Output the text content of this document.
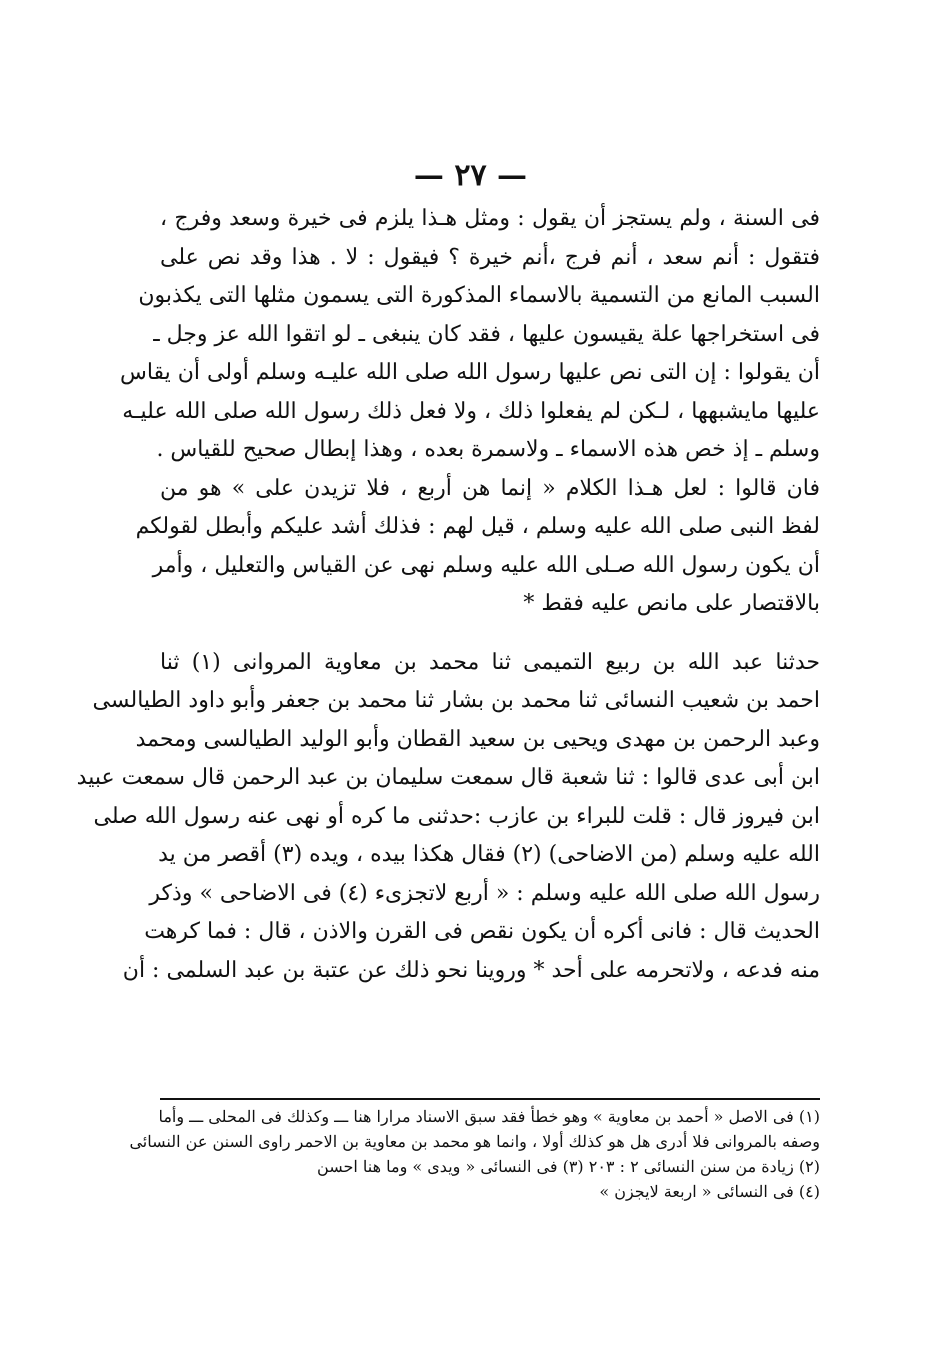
— ٢٧ —
فى السنة ، ولم يستجز أن يقول : ومثل هـذا يلزم فى خيرة وسعد وفرج ،
فتقول : أنم سعد ، أنم فرج ،أنم خيرة ؟ فيقول : لا . هذا وقد نص على
السبب المانع من التسمية بالاسماء المذكورة التى يسمون مثلها التى يكذبون
فى استخراجها علة يقيسون عليها ، فقد كان ينبغى ـ لو اتقوا الله عز وجل ـ
أن يقولوا : إن التى نص عليها رسول الله صلى الله عليـه وسلم أولى أن يقاس
عليها مايشبهها ، لـكن لم يفعلوا ذلك ، ولا فعل ذلك رسول الله صلى الله عليـه
وسلم ـ إذ خص هذه الاسماء ـ ولاسمرة بعده ، وهذا إبطال صحيح للقياس .
فان قالوا : لعل هـذا الكلام « إنما هن أربع ، فلا تزيدن على » هو من
لفظ النبى صلى الله عليه وسلم ، قيل لهم : فذلك أشد عليكم وأبطل لقولكم
أن يكون رسول الله صـلى الله عليه وسلم نهى عن القياس والتعليل ، وأمر
بالاقتصار على مانص عليه فقط *
حدثنا عبد الله بن ربيع التميمى ثنا محمد بن معاوية المروانى (١) ثنا
احمد بن شعيب النسائى ثنا محمد بن بشار ثنا محمد بن جعفر وأبو داود الطيالسى
وعبد الرحمن بن مهدى ويحيى بن سعيد القطان وأبو الوليد الطيالسى ومحمد
ابن أبى عدى قالوا : ثنا شعبة قال سمعت سليمان بن عبد الرحمن قال سمعت عبيد
ابن فيروز قال : قلت للبراء بن عازب :حدثنى ما كره أو نهى عنه رسول الله صلى
الله عليه وسلم (من الاضاحى) (٢) فقال هكذا بيده ، ويده (٣) أقصر من يد
رسول الله صلى الله عليه وسلم : « أربع لاتجزىء (٤) فى الاضاحى » وذكر
الحديث قال : فانى أكره أن يكون نقص فى القرن والاذن ، قال : فما كرهت
منه فدعه ، ولاتحرمه على أحد * وروينا نحو ذلك عن عتبة بن عبد السلمى : أن
(١) فى الاصل « أحمد بن معاوية » وهو خطأ فقد سبق الاسناد مرارا هنا ـــ وكذلك فى المحلى ـــ وأما
وصفه بالمروانى فلا أدرى هل هو كذلك أولا ، وانما هو محمد بن معاوية بن الاحمر راوى السنن عن النسائى
(٢) زيادة من سنن النسائى ٢ : ٢٠٣ (٣) فى النسائى « ويدى » وما هنا احسن
(٤) فى النسائى « اربعة لايجزن »
